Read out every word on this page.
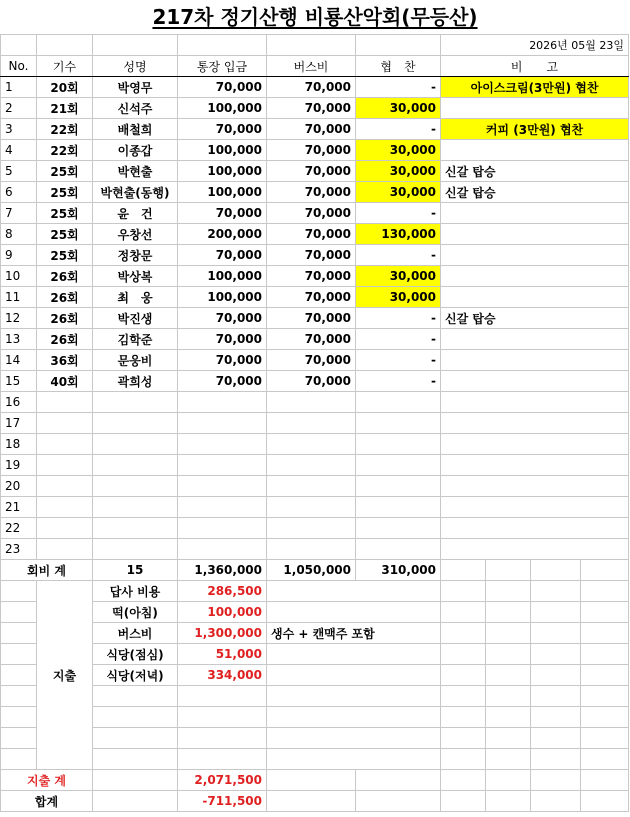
217차 정기산행 비룡산악회(무등산)
						2026년 05월 23일			
No.	기수	성명	통장 입금	버스비	협　찬	비　　고			
1	20회	박영무	70,000	70,000	-	아이스크림(3만원) 협찬			
2	21회	신석주	100,000	70,000	30,000				
3	22회	배철희	70,000	70,000	-	커피 (3만원) 협찬			
4	22회	이종갑	100,000	70,000	30,000				
5	25회	박현출	100,000	70,000	30,000	신갈 탑승			
6	25회	박현출(동행)	100,000	70,000	30,000	신갈 탑승			
7	25회	윤　건	70,000	70,000	-				
8	25회	우창선	200,000	70,000	130,000				
9	25회	정창문	70,000	70,000	-				
10	26회	박상복	100,000	70,000	30,000				
11	26회	최　웅	100,000	70,000	30,000				
12	26회	박진생	70,000	70,000	-	신갈 탑승			
13	26회	김학준	70,000	70,000	-				
14	36회	문웅비	70,000	70,000	-				
15	40회	곽희성	70,000	70,000	-				
16									
17									
18									
19									
20									
21									
22									
23									
회비 계		15	1,360,000	1,050,000	310,000				
	지출	답사 비용	286,500						
		떡(아침)	100,000						
		버스비	1,300,000	생수 + 캔맥주 포함					
		식당(점심)	51,000						
		식당(저녁)	334,000						

지출 계			2,071,500						
합계			-711,500						
